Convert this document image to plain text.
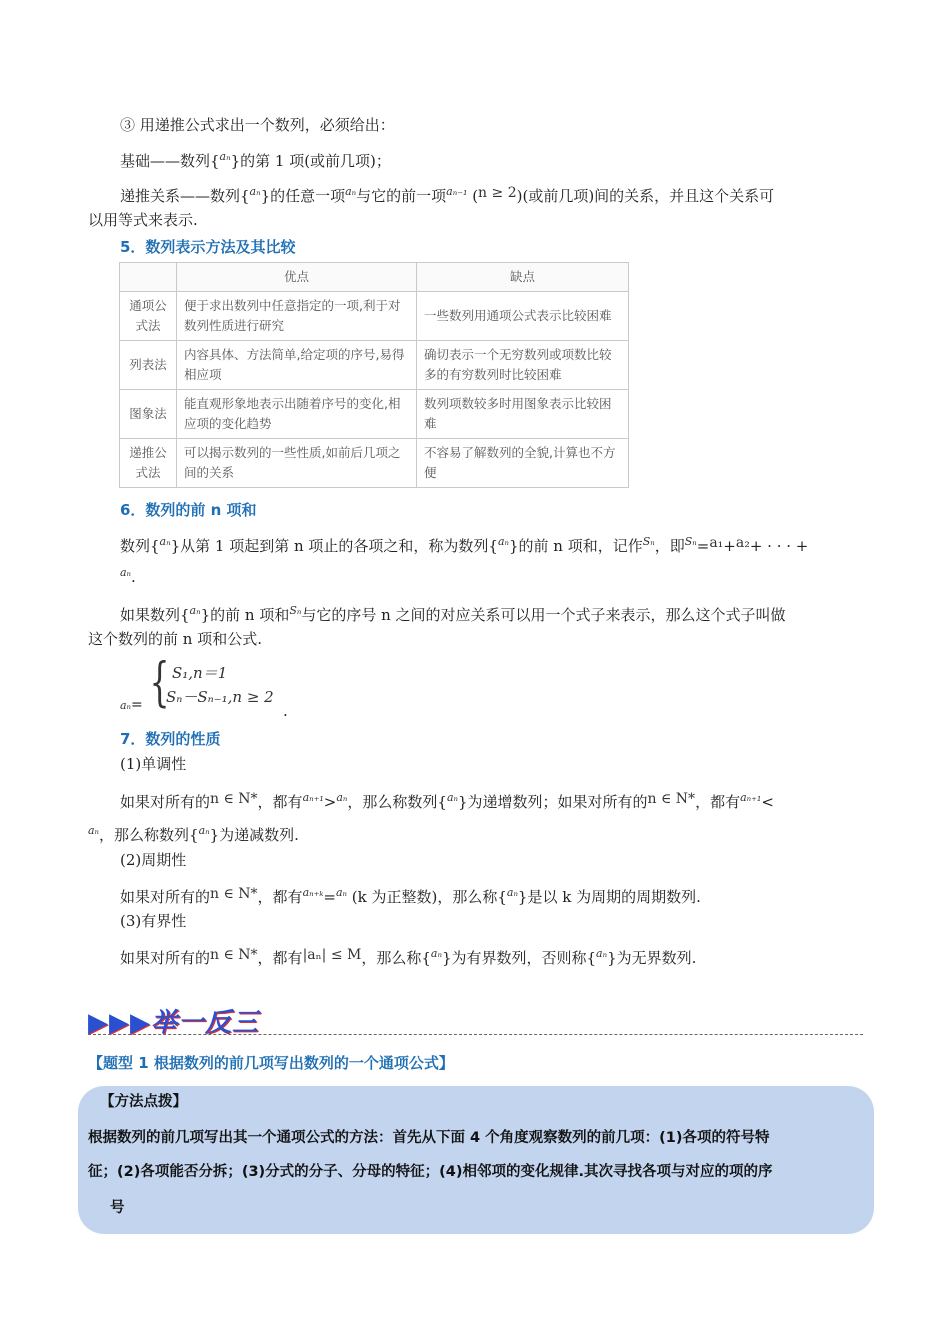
③ 用递推公式求出一个数列，必须给出：
基础——数列{$^{a_n}$}的第 1 项(或前几项)；
递推关系——数列{$^{a_n}$}的任意一项$^{a_n}$与它的前一项$^{a_{n-1}}$ (n ≥ 2)(或前几项)间的关系，并且这个关系可
以用等式来表示.
5．数列表示方法及其比较
	优点	缺点
通项公式法	便于求出数列中任意指定的一项,利于对数列性质进行研究	一些数列用通项公式表示比较困难
列表法	内容具体、方法简单,给定项的序号,易得相应项	确切表示一个无穷数列或项数比较多的有穷数列时比较困难
图象法	能直观形象地表示出随着序号的变化,相应项的变化趋势	数列项数较多时用图象表示比较困难
递推公式法	可以揭示数列的一些性质,如前后几项之间的关系	不容易了解数列的全貌,计算也不方便
6．数列的前 n 项和
数列{$^{a_n}$}从第 1 项起到第 n 项止的各项之和，称为数列{$^{a_n}$}的前 n 项和，记作$^{S_n}$，即$^{S_n}$=a₁+a₂+ · · · +
$^{a_n}$.
如果数列{$^{a_n}$}的前 n 项和$^{S_n}$与它的序号 n 之间的对应关系可以用一个式子来表示，那么这个式子叫做
这个数列的前 n 项和公式.
aₙ= { S₁,n＝1
Sₙ－Sₙ₋₁,n ≥ 2
.
7．数列的性质
(1)单调性
如果对所有的n ∈ N*，都有$^{a_{n+1}}$>$^{a_n}$，那么称数列{$^{a_n}$}为递增数列；如果对所有的n ∈ N*，都有$^{a_{n+1}}$<
$^{a_n}$，那么称数列{$^{a_n}$}为递减数列.
(2)周期性
如果对所有的n ∈ N*，都有$^{a_{n+k}}$=$^{a_n}$ (k 为正整数)，那么称{$^{a_n}$}是以 k 为周期的周期数列.
(3)有界性
如果对所有的n ∈ N*，都有|aₙ| ≤ M，那么称{$^{a_n}$}为有界数列，否则称{$^{a_n}$}为无界数列.
▶▶▶举一反三
【题型 1 根据数列的前几项写出数列的一个通项公式】
【方法点拨】
根据数列的前几项写出其一个通项公式的方法：首先从下面 4 个角度观察数列的前几项：(1)各项的符号特
征；(2)各项能否分拆；(3)分式的分子、分母的特征；(4)相邻项的变化规律.其次寻找各项与对应的项的序
号
